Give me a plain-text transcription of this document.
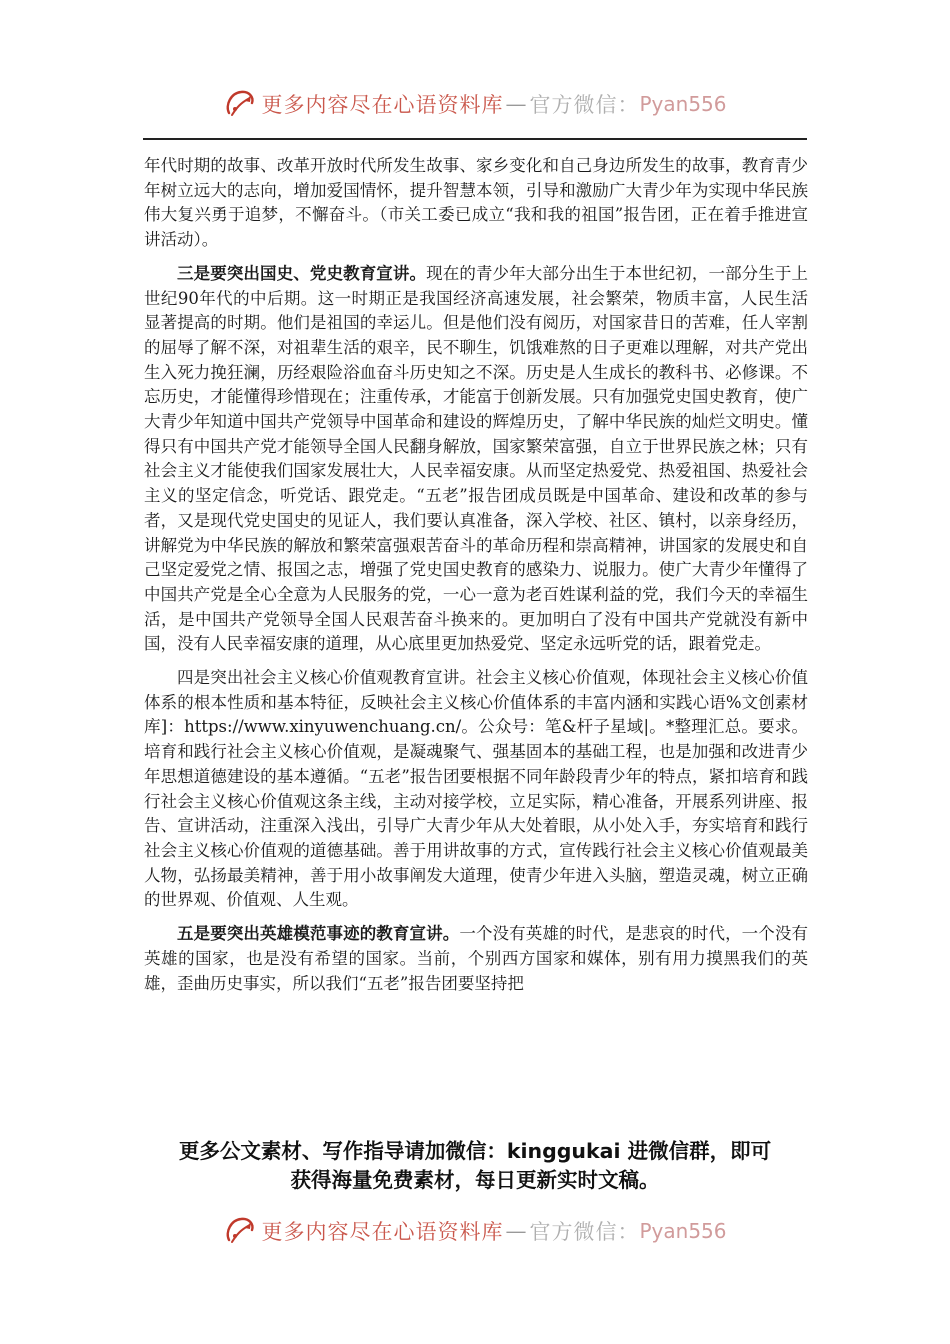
更多内容尽在心语资料库 — 官方微信： Pyan556

年代时期的故事、改革开放时代所发生故事、家乡变化和自己身边所发生的故事，教育青少年树立远大的志向，增加爱国情怀，提升智慧本领，引导和激励广大青少年为实现中华民族伟大复兴勇于追梦，不懈奋斗。（市关工委已成立“我和我的祖国”报告团，正在着手推进宣讲活动）。

三是要突出国史、党史教育宣讲。现在的青少年大部分出生于本世纪初，一部分生于上世纪90年代的中后期。这一时期正是我国经济高速发展，社会繁荣，物质丰富，人民生活显著提高的时期。他们是祖国的幸运儿。但是他们没有阅历，对国家昔日的苦难，任人宰割的屈辱了解不深，对祖辈生活的艰辛，民不聊生，饥饿难熬的日子更难以理解，对共产党出生入死力挽狂澜，历经艰险浴血奋斗历史知之不深。历史是人生成长的教科书、必修课。不忘历史，才能懂得珍惜现在；注重传承，才能富于创新发展。只有加强党史国史教育，使广大青少年知道中国共产党领导中国革命和建设的辉煌历史，了解中华民族的灿烂文明史。懂得只有中国共产党才能领导全国人民翻身解放，国家繁荣富强，自立于世界民族之林；只有社会主义才能使我们国家发展壮大，人民幸福安康。从而坚定热爱党、热爱祖国、热爱社会主义的坚定信念，听党话、跟党走。“五老”报告团成员既是中国革命、建设和改革的参与者，又是现代党史国史的见证人，我们要认真准备，深入学校、社区、镇村，以亲身经历，讲解党为中华民族的解放和繁荣富强艰苦奋斗的革命历程和崇高精神，讲国家的发展史和自己坚定爱党之情、报国之志，增强了党史国史教育的感染力、说服力。使广大青少年懂得了中国共产党是全心全意为人民服务的党，一心一意为老百姓谋利益的党，我们今天的幸福生活，是中国共产党领导全国人民艰苦奋斗换来的。更加明白了没有中国共产党就没有新中国，没有人民幸福安康的道理，从心底里更加热爱党、坚定永远听党的话，跟着党走。

四是突出社会主义核心价值观教育宣讲。社会主义核心价值观，体现社会主义核心价值体系的根本性质和基本特征，反映社会主义核心价值体系的丰富内涵和实践心语%文创素材库]：https://www.xinyuwenchuang.cn/。公众号：笔&杆子星域|。*整理汇总。要求。培育和践行社会主义核心价值观，是凝魂聚气、强基固本的基础工程，也是加强和改进青少年思想道德建设的基本遵循。“五老”报告团要根据不同年龄段青少年的特点，紧扣培育和践行社会主义核心价值观这条主线，主动对接学校，立足实际，精心准备，开展系列讲座、报告、宣讲活动，注重深入浅出，引导广大青少年从大处着眼，从小处入手，夯实培育和践行社会主义核心价值观的道德基础。善于用讲故事的方式，宣传践行社会主义核心价值观最美人物，弘扬最美精神，善于用小故事阐发大道理，使青少年进入头脑，塑造灵魂，树立正确的世界观、价值观、人生观。

五是要突出英雄模范事迹的教育宣讲。一个没有英雄的时代，是悲哀的时代，一个没有英雄的国家，也是没有希望的国家。当前，个别西方国家和媒体，别有用力摸黑我们的英雄，歪曲历史事实，所以我们“五老”报告团要坚持把

更多公文素材、写作指导请加微信：kinggukai 进微信群，即可
获得海量免费素材，每日更新实时文稿。
更多内容尽在心语资料库 — 官方微信： Pyan556
